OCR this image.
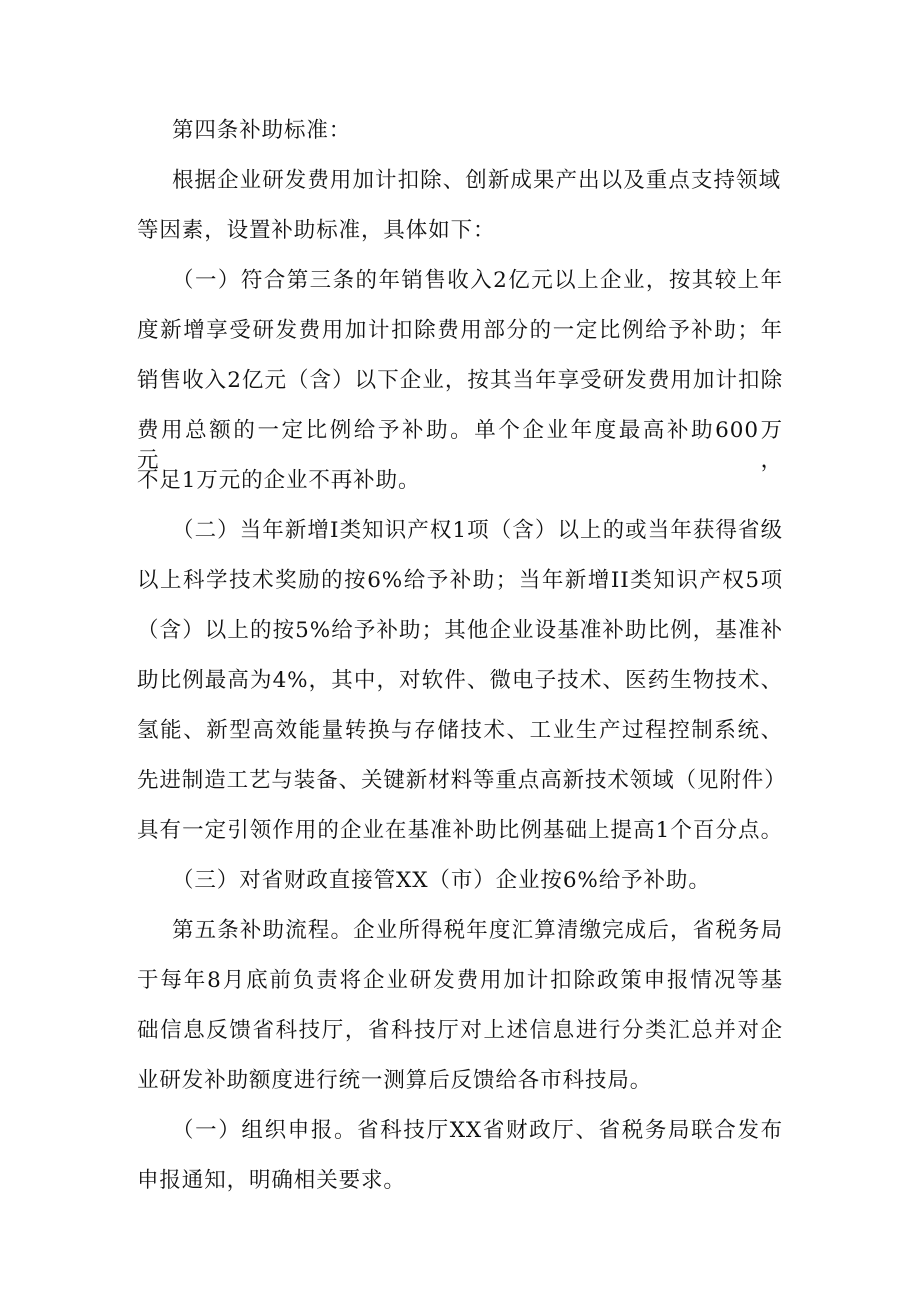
第四条补助标准：
根据企业研发费用加计扣除、创新成果产出以及重点支持领域
等因素，设置补助标准，具体如下：
（一）符合第三条的年销售收入2亿元以上企业，按其较上年
度新增享受研发费用加计扣除费用部分的一定比例给予补助；年
销售收入2亿元（含）以下企业，按其当年享受研发费用加计扣除
费用总额的一定比例给予补助。单个企业年度最高补助600万元，
不足1万元的企业不再补助。
（二）当年新增I类知识产权1项（含）以上的或当年获得省级
以上科学技术奖励的按6%给予补助；当年新增II类知识产权5项
（含）以上的按5%给予补助；其他企业设基准补助比例，基准补
助比例最高为4%，其中，对软件、微电子技术、医药生物技术、
氢能、新型高效能量转换与存储技术、工业生产过程控制系统、
先进制造工艺与装备、关键新材料等重点高新技术领域（见附件）
具有一定引领作用的企业在基准补助比例基础上提高1个百分点。
（三）对省财政直接管XX（市）企业按6%给予补助。
第五条补助流程。企业所得税年度汇算清缴完成后，省税务局
于每年8月底前负责将企业研发费用加计扣除政策申报情况等基
础信息反馈省科技厅，省科技厅对上述信息进行分类汇总并对企
业研发补助额度进行统一测算后反馈给各市科技局。
（一）组织申报。省科技厅XX省财政厅、省税务局联合发布
申报通知，明确相关要求。
